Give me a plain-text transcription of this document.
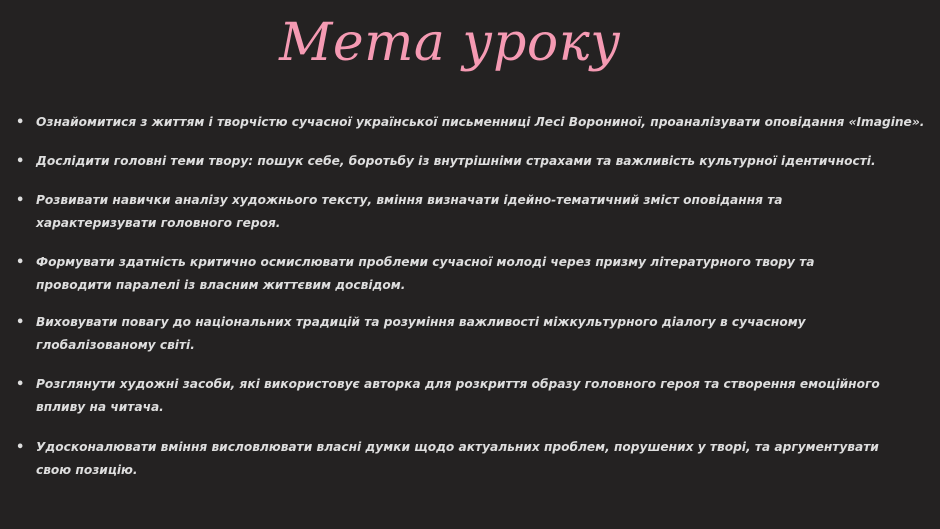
Мета уроку
• Ознайомитися з життям і творчістю сучасної української письменниці Лесі Ворониної, проаналізувати оповідання «Imagine».
• Дослідити головні теми твору: пошук себе, боротьбу із внутрішніми страхами та важливість культурної ідентичності.
• Розвивати навички аналізу художнього тексту, вміння визначати ідейно-тематичний зміст оповідання та
характеризувати головного героя.
• Формувати здатність критично осмислювати проблеми сучасної молоді через призму літературного твору та
проводити паралелі із власним життєвим досвідом.
• Виховувати повагу до національних традицій та розуміння важливості міжкультурного діалогу в сучасному
глобалізованому світі.
• Розглянути художні засоби, які використовує авторка для розкриття образу головного героя та створення емоційного
впливу на читача.
• Удосконалювати вміння висловлювати власні думки щодо актуальних проблем, порушених у творі, та аргументувати
свою позицію.
